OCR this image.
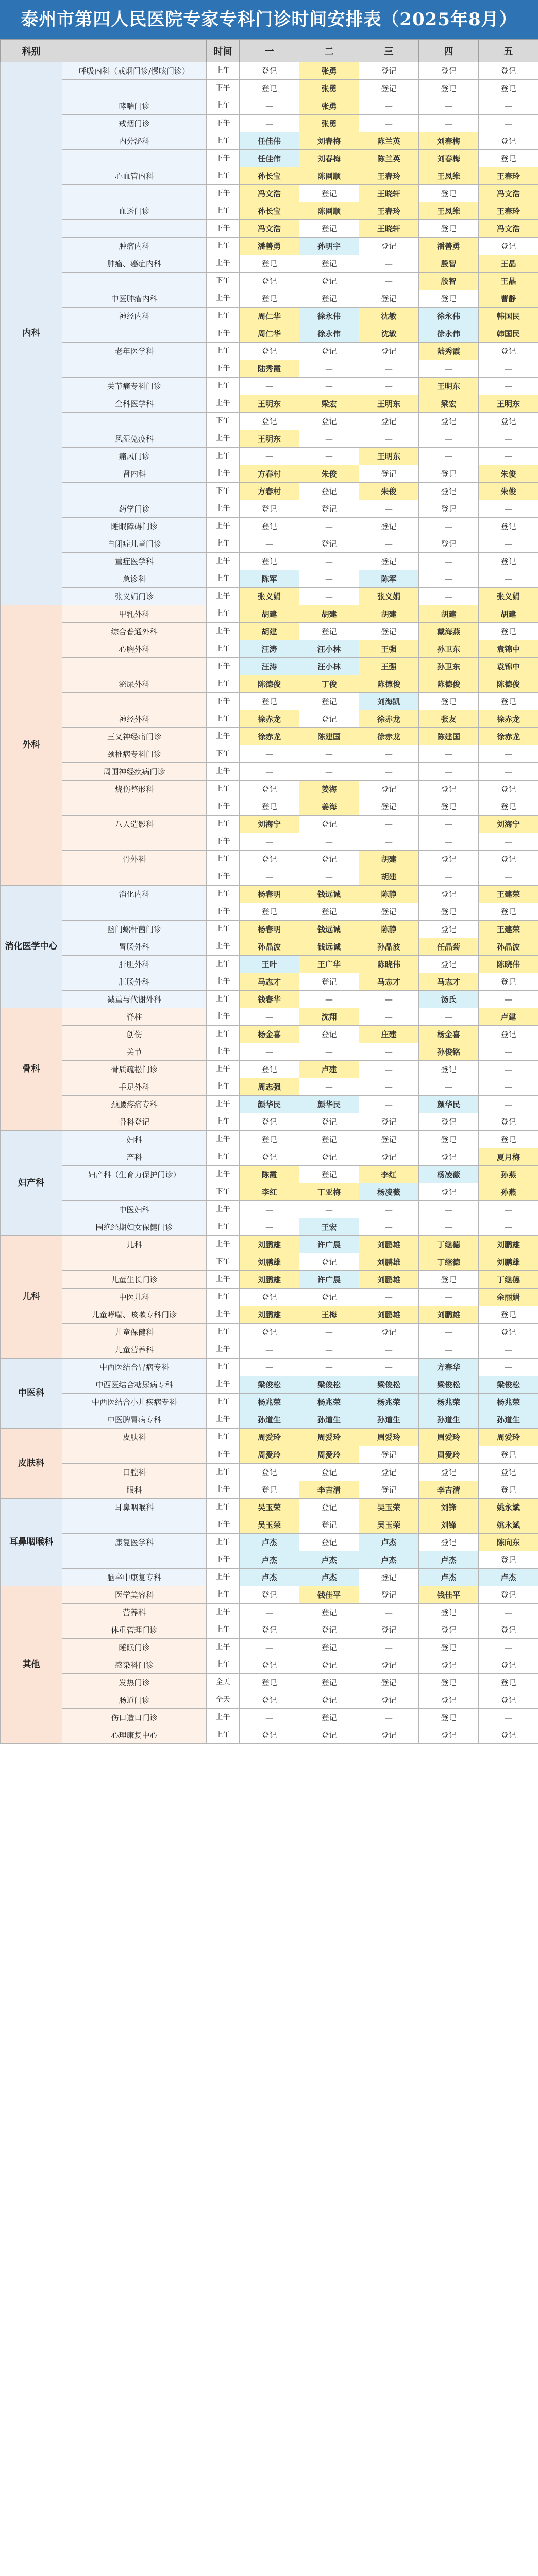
泰州市第四人民医院专家专科门诊时间安排表（2025年8月）
科别		时间	一	二	三	四	五
内科	呼吸内科（戒烟门诊/慢咳门诊）	上午	登记	张勇	登记	登记	登记
		下午	登记	张勇	登记	登记	登记
	哮喘门诊	上午	—	张勇	—	—	—
	戒烟门诊	下午	—	张勇	—	—	—
	内分泌科	上午	任佳伟	刘春梅	陈兰英	刘春梅	登记
		下午	任佳伟	刘春梅	陈兰英	刘春梅	登记
	心血管内科	上午	孙长宝	陈网顺	王春玲	王凤维	王春玲
		下午	冯文浩	登记	王晓轩	登记	冯文浩
	血透门诊	上午	孙长宝	陈网顺	王春玲	王凤维	王春玲
		下午	冯文浩	登记	王晓轩	登记	冯文浩
	肿瘤内科	上午	潘善勇	孙明宇	登记	潘善勇	登记
	肿瘤、癌症内科	上午	登记	登记	—	殷智	王晶
		下午	登记	登记	—	殷智	王晶
	中医肿瘤内科	上午	登记	登记	登记	登记	曹静
	神经内科	上午	周仁华	徐永伟	沈敏	徐永伟	韩国民
		下午	周仁华	徐永伟	沈敏	徐永伟	韩国民
	老年医学科	上午	登记	登记	登记	陆秀霞	登记
		下午	陆秀霞	—	—	—	—
	关节痛专科门诊	上午	—	—	—	王明东	—
	全科医学科	上午	王明东	梁宏	王明东	梁宏	王明东
		下午	登记	登记	登记	登记	登记
	风湿免疫科	上午	王明东	—	—	—	—
	痛风门诊	上午	—	—	王明东	—	—
	肾内科	上午	方春村	朱俊	登记	登记	朱俊
		下午	方春村	登记	朱俊	登记	朱俊
	药学门诊	上午	登记	登记	—	登记	—
	睡眠障碍门诊	上午	登记	—	登记	—	登记
	自闭症儿童门诊	上午	—	登记	—	登记	—
	重症医学科	上午	登记	—	登记	—	登记
	急诊科	上午	陈军	—	陈军	—	—
	张义娟门诊	上午	张义娟	—	张义娟	—	张义娟
外科	甲乳外科	上午	胡建	胡建	胡建	胡建	胡建
	综合普通外科	上午	胡建	登记	登记	戴海燕	登记
	心胸外科	上午	汪涛	汪小林	王强	孙卫东	袁锦中
		下午	汪涛	汪小林	王强	孙卫东	袁锦中
	泌尿外科	上午	陈德俊	丁俊	陈德俊	陈德俊	陈德俊
		下午	登记	登记	刘海凯	登记	登记
	神经外科	上午	徐赤龙	登记	徐赤龙	张友	徐赤龙
	三叉神经痛门诊	上午	徐赤龙	陈建国	徐赤龙	陈建国	徐赤龙
	颈椎病专科门诊	下午	—	—	—	—	—
	周围神经疾病门诊	上午	—	—	—	—	—
	烧伤整形科	上午	登记	姜海	登记	登记	登记
		下午	登记	姜海	登记	登记	登记
	八人造影科	上午	刘海宁	登记	—	—	刘海宁
		下午	—	—	—	—	—
	骨外科	上午	登记	登记	胡建	登记	登记
		下午	—	—	胡建	—	—
消化医学中心	消化内科	上午	杨春明	钱远诚	陈静	登记	王建荣
		下午	登记	登记	登记	登记	登记
	幽门螺杆菌门诊	上午	杨春明	钱远诚	陈静	登记	王建荣
	胃肠外科	上午	孙晶波	钱远诚	孙晶波	任晶菊	孙晶波
	肝胆外科	上午	王叶	王广华	陈晓伟	登记	陈晓伟
	肛肠外科	上午	马志才	登记	马志才	马志才	登记
	减重与代谢外科	上午	钱春华	—	—	汤氏	—
骨科	脊柱	上午	—	沈翔	—	—	卢建
	创伤	上午	杨金喜	登记	庄建	杨金喜	登记
	关节	上午	—	—	—	孙俊铭	—
	骨质疏松门诊	上午	登记	卢建	—	登记	—
	手足外科	上午	周志强	—	—	—	—
	颈腰疼痛专科	上午	颜华民	颜华民	—	颜华民	—
	骨科登记	上午	登记	登记	登记	登记	登记
妇产科	妇科	上午	登记	登记	登记	登记	登记
	产科	上午	登记	登记	登记	登记	夏月梅
	妇产科（生育力保护门诊）	上午	陈霞	登记	李红	杨凌薇	孙燕
		下午	李红	丁亚梅	杨凌薇	登记	孙燕
	中医妇科	上午	—	—	—	—	—
	围绝经期妇女保健门诊	上午	—	王宏	—	—	—
儿科	儿科	上午	刘鹏雄	许广晨	刘鹏雄	丁继德	刘鹏雄
		下午	刘鹏雄	登记	刘鹏雄	丁继德	刘鹏雄
	儿童生长门诊	上午	刘鹏雄	许广晨	刘鹏雄	登记	丁继德
	中医儿科	上午	登记	登记	—	—	余丽娟
	儿童哮喘、咳嗽专科门诊	上午	刘鹏雄	王梅	刘鹏雄	刘鹏雄	登记
	儿童保健科	上午	登记	—	登记	—	登记
	儿童营养科	上午	—	—	—	—	—
中医科	中西医结合胃病专科	上午	—	—	—	方春华	—
	中西医结合糖尿病专科	上午	梁俊松	梁俊松	梁俊松	梁俊松	梁俊松
	中西医结合小儿疾病专科	上午	杨兆荣	杨兆荣	杨兆荣	杨兆荣	杨兆荣
	中医脾胃病专科	上午	孙道生	孙道生	孙道生	孙道生	孙道生
皮肤科	皮肤科	上午	周爱玲	周爱玲	周爱玲	周爱玲	周爱玲
		下午	周爱玲	周爱玲	登记	周爱玲	登记
	口腔科	上午	登记	登记	登记	登记	登记
	眼科	上午	登记	李吉清	登记	李吉清	登记
耳鼻咽喉科	耳鼻咽喉科	上午	吴玉荣	登记	吴玉荣	刘锋	姚永斌
		下午	吴玉荣	登记	吴玉荣	刘锋	姚永斌
	康复医学科	上午	卢杰	登记	卢杰	登记	陈向东
		下午	卢杰	卢杰	卢杰	卢杰	登记
	脑卒中康复专科	上午	卢杰	卢杰	登记	卢杰	卢杰
其他	医学美容科	上午	登记	钱佳平	登记	钱佳平	登记
	营养科	上午	—	登记	—	登记	—
	体重管理门诊	上午	登记	登记	登记	登记	登记
	睡眠门诊	上午	—	登记	—	登记	—
	感染科门诊	上午	登记	登记	登记	登记	登记
	发热门诊	全天	登记	登记	登记	登记	登记
	肠道门诊	全天	登记	登记	登记	登记	登记
	伤口造口门诊	上午	—	登记	—	登记	—
	心理康复中心	上午	登记	登记	登记	登记	登记
